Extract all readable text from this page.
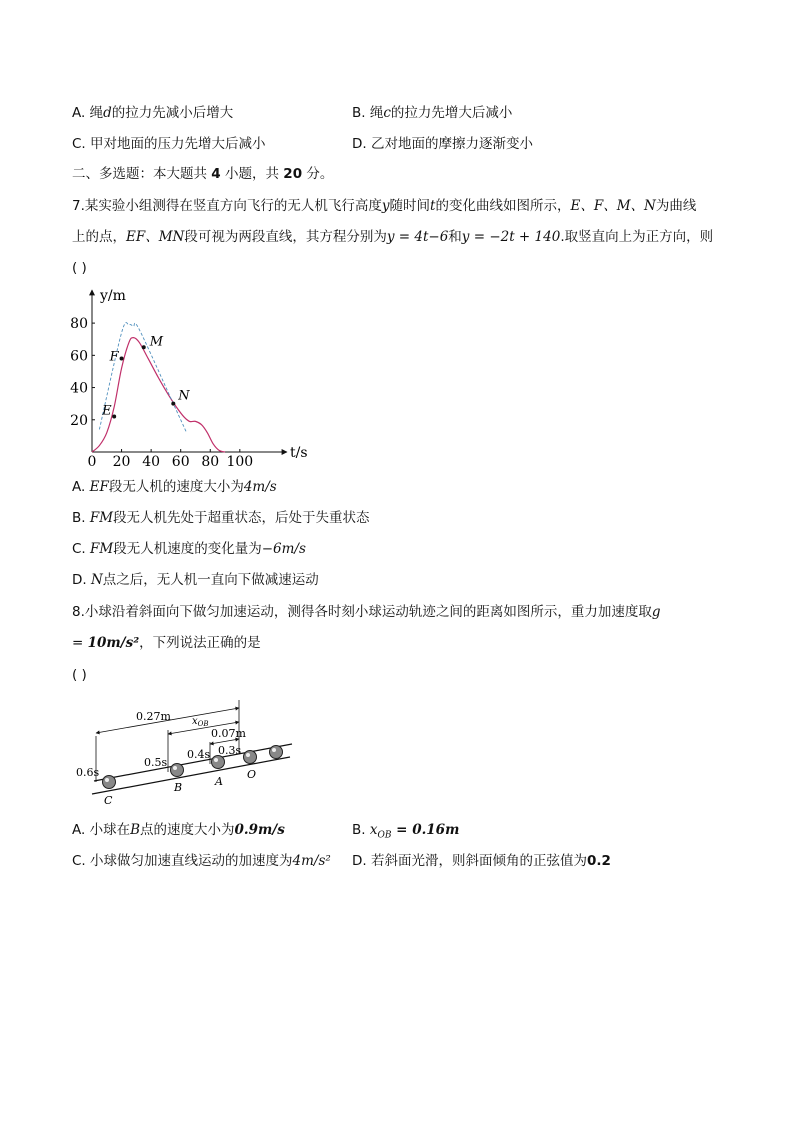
A. 绳d的拉力先减小后增大	B. 绳c的拉力先增大后减小
C. 甲对地面的压力先增大后减小	D. 乙对地面的摩擦力逐渐变小
二、多选题：本大题共 4 小题，共 20 分。
7.某实验小组测得在竖直方向飞行的无人机飞行高度y随时间t的变化曲线如图所示，E、F、M、N为曲线
上的点，EF、MN段可视为两段直线，其方程分别为y = 4t−6和y = −2t + 140.取竖直向上为正方向，则
( )
t/s
y/m
0 20 40 60 80 100
20
40
60
80
E
F
M
N
A. EF段无人机的速度大小为4m/s
B. FM段无人机先处于超重状态，后处于失重状态
C. FM段无人机速度的变化量为−6m/s
D. N点之后，无人机一直向下做减速运动
8.小球沿着斜面向下做匀加速运动，测得各时刻小球运动轨迹之间的距离如图所示，重力加速度取g
= 10m/s²，下列说法正确的是
( )
0.27m $x_{OB}$
0.07m
0.6s
0.5s
0.4s 0.3s
C
B	A
O
A. 小球在B点的速度大小为0.9m/s	B. $x_{OB} = 0.16m$
C. 小球做匀加速直线运动的加速度为4m/s² D. 若斜面光滑，则斜面倾角的正弦值为0.2
